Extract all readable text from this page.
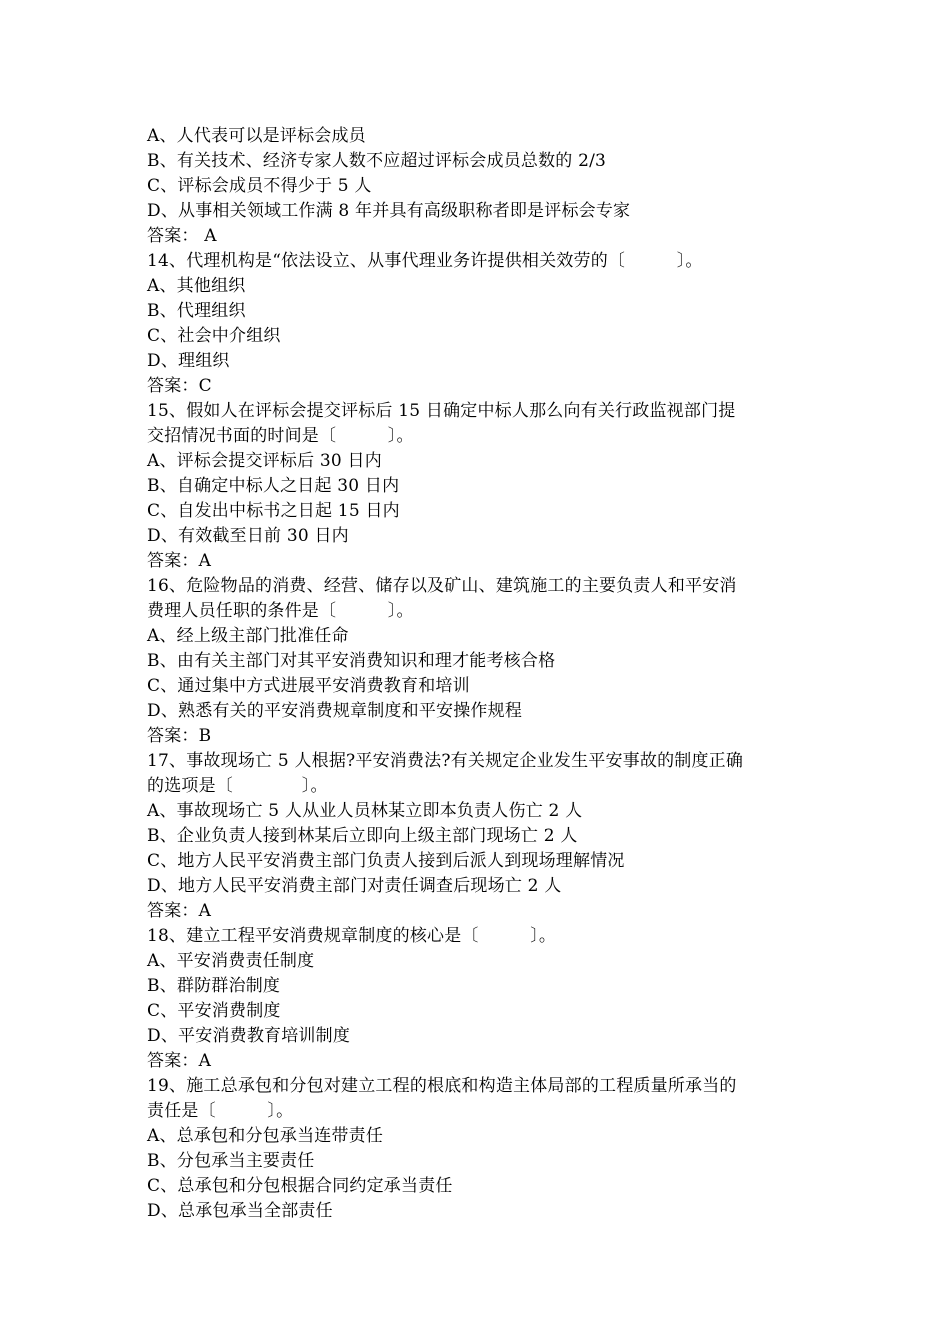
A、人代表可以是评标会成员
B、有关技术、经济专家人数不应超过评标会成员总数的 2/3
C、评标会成员不得少于 5 人
D、从事相关领域工作满 8 年并具有高级职称者即是评标会专家
答案： A
14、代理机构是“依法设立、从事代理业务许提供相关效劳的〔　　　〕。
A、其他组织
B、代理组织
C、社会中介组织
D、理组织
答案：C
15、假如人在评标会提交评标后 15 日确定中标人那么向有关行政监视部门提
交招情况书面的时间是〔　　　〕。
A、评标会提交评标后 30 日内
B、自确定中标人之日起 30 日内
C、自发出中标书之日起 15 日内
D、有效截至日前 30 日内
答案：A
16、危险物品的消费、经营、储存以及矿山、建筑施工的主要负责人和平安消
费理人员任职的条件是〔　　　〕。
A、经上级主部门批准任命
B、由有关主部门对其平安消费知识和理才能考核合格
C、通过集中方式进展平安消费教育和培训
D、熟悉有关的平安消费规章制度和平安操作规程
答案：B
17、事故现场亡 5 人根据?平安消费法?有关规定企业发生平安事故的制度正确
的选项是〔　　　　〕。
A、事故现场亡 5 人从业人员林某立即本负责人伤亡 2 人
B、企业负责人接到林某后立即向上级主部门现场亡 2 人
C、地方人民平安消费主部门负责人接到后派人到现场理解情况
D、地方人民平安消费主部门对责任调查后现场亡 2 人
答案：A
18、建立工程平安消费规章制度的核心是〔　　　〕。
A、平安消费责任制度
B、群防群治制度
C、平安消费制度
D、平安消费教育培训制度
答案：A
19、施工总承包和分包对建立工程的根底和构造主体局部的工程质量所承当的
责任是〔　　　〕。
A、总承包和分包承当连带责任
B、分包承当主要责任
C、总承包和分包根据合同约定承当责任
D、总承包承当全部责任
